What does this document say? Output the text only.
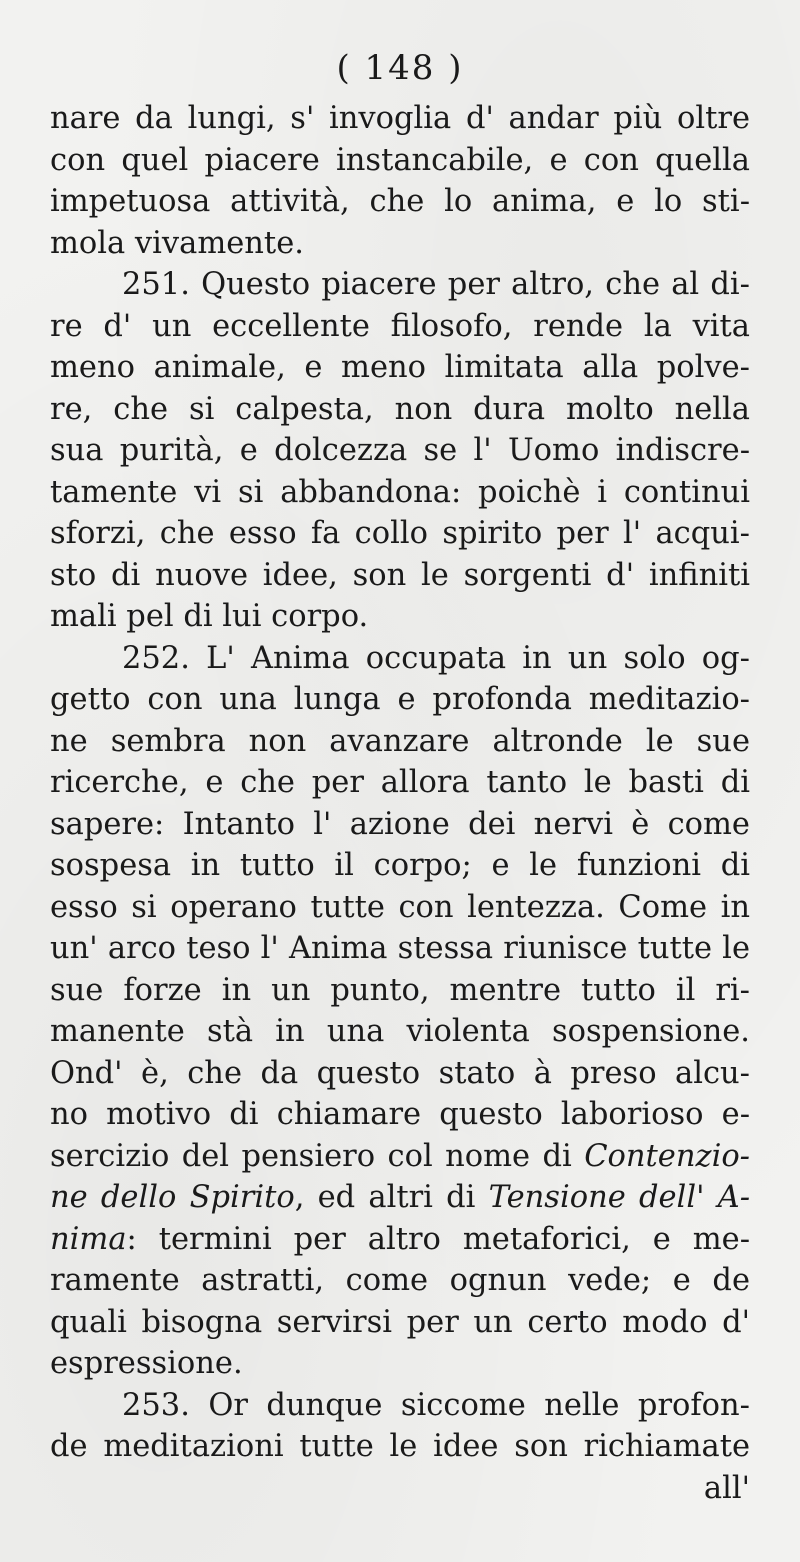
( 148 )
nare da lungi, s' invoglia d' andar più oltre
con quel piacere instancabile, e con quella
impetuosa attività, che lo anima, e lo sti-
mola vivamente.
251. Questo piacere per altro, che al di-
re d' un eccellente filosofo, rende la vita
meno animale, e meno limitata alla polve-
re, che si calpesta, non dura molto nella
sua purità, e dolcezza se l' Uomo indiscre-
tamente vi si abbandona: poichè i continui
sforzi, che esso fa collo spirito per l' acqui-
sto di nuove idee, son le sorgenti d' infiniti
mali pel di lui corpo.
252. L' Anima occupata in un solo og-
getto con una lunga e profonda meditazio-
ne sembra non avanzare altronde le sue
ricerche, e che per allora tanto le basti di
sapere: Intanto l' azione dei nervi è come
sospesa in tutto il corpo; e le funzioni di
esso si operano tutte con lentezza. Come in
un' arco teso l' Anima stessa riunisce tutte le
sue forze in un punto, mentre tutto il ri-
manente stà in una violenta sospensione.
Ond' è, che da questo stato à preso alcu-
no motivo di chiamare questo laborioso e-
sercizio del pensiero col nome di Contenzio-
ne dello Spirito, ed altri di Tensione dell' A-
nima: termini per altro metaforici, e me-
ramente astratti, come ognun vede; e de
quali bisogna servirsi per un certo modo d'
espressione.
253. Or dunque siccome nelle profon-
de meditazioni tutte le idee son richiamate
all'
